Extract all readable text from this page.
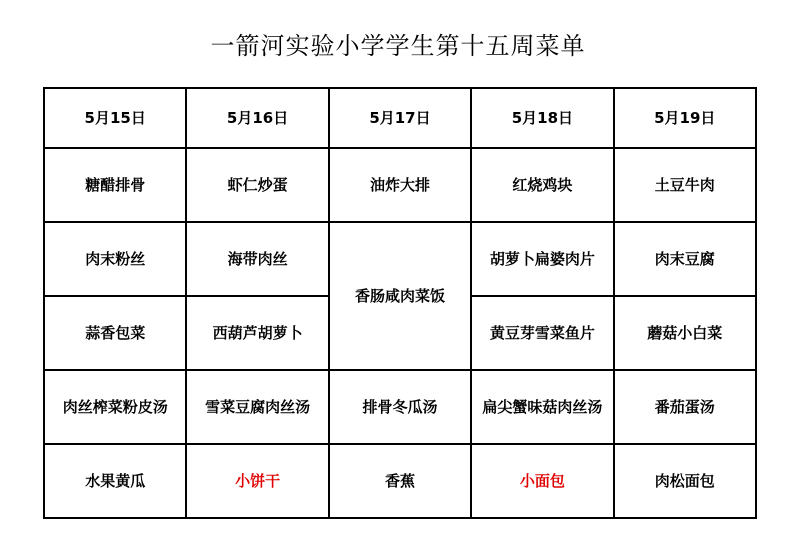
一箭河实验小学学生第十五周菜单
5月15日	5月16日	5月17日	5月18日	5月19日
糖醋排骨	虾仁炒蛋	油炸大排	红烧鸡块	土豆牛肉
肉末粉丝	海带肉丝	香肠咸肉菜饭	胡萝卜扁婆肉片	肉末豆腐
蒜香包菜	西葫芦胡萝卜		黄豆芽雪菜鱼片	蘑菇小白菜
肉丝榨菜粉皮汤	雪菜豆腐肉丝汤	排骨冬瓜汤	扁尖蟹味菇肉丝汤	番茄蛋汤
水果黄瓜	小饼干	香蕉	小面包	肉松面包
